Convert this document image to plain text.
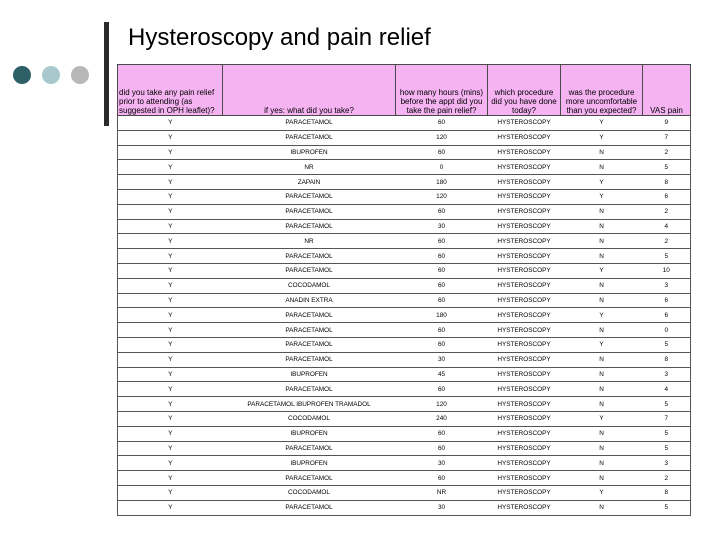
Hysteroscopy and pain relief
did you take any pain relief prior to attending (as suggested in OPH leaflet)?	if yes: what did you take?	how many hours (mins) before the appt did you take the pain relief?	which procedure did you have done today?	was the procedure more uncomfortable than you expected?	VAS pain
Y	PARACETAMOL	60	HYSTEROSCOPY	Y	9
Y	PARACETAMOL	120	HYSTEROSCOPY	Y	7
Y	IBUPROFEN	60	HYSTEROSCOPY	N	2
Y	NR	0	HYSTEROSCOPY	N	5
Y	ZAPAIN	180	HYSTEROSCOPY	Y	8
Y	PARACETAMOL	120	HYSTEROSCOPY	Y	6
Y	PARACETAMOL	60	HYSTEROSCOPY	N	2
Y	PARACETAMOL	30	HYSTEROSCOPY	N	4
Y	NR	60	HYSTEROSCOPY	N	2
Y	PARACETAMOL	60	HYSTEROSCOPY	N	5
Y	PARACETAMOL	60	HYSTEROSCOPY	Y	10
Y	COCODAMOL	60	HYSTEROSCOPY	N	3
Y	ANADIN EXTRA	60	HYSTEROSCOPY	N	6
Y	PARACETAMOL	180	HYSTEROSCOPY	Y	6
Y	PARACETAMOL	60	HYSTEROSCOPY	N	0
Y	PARACETAMOL	60	HYSTEROSCOPY	Y	5
Y	PARACETAMOL	30	HYSTEROSCOPY	N	8
Y	IBUPROFEN	45	HYSTEROSCOPY	N	3
Y	PARACETAMOL	60	HYSTEROSCOPY	N	4
Y	PARACETAMOL IBUPROFEN TRAMADOL	120	HYSTEROSCOPY	N	5
Y	COCODAMOL	240	HYSTEROSCOPY	Y	7
Y	IBUPROFEN	60	HYSTEROSCOPY	N	5
Y	PARACETAMOL	60	HYSTEROSCOPY	N	5
Y	IBUPROFEN	30	HYSTEROSCOPY	N	3
Y	PARACETAMOL	60	HYSTEROSCOPY	N	2
Y	COCODAMOL	NR	HYSTEROSCOPY	Y	8
Y	PARACETAMOL	30	HYSTEROSCOPY	N	5
